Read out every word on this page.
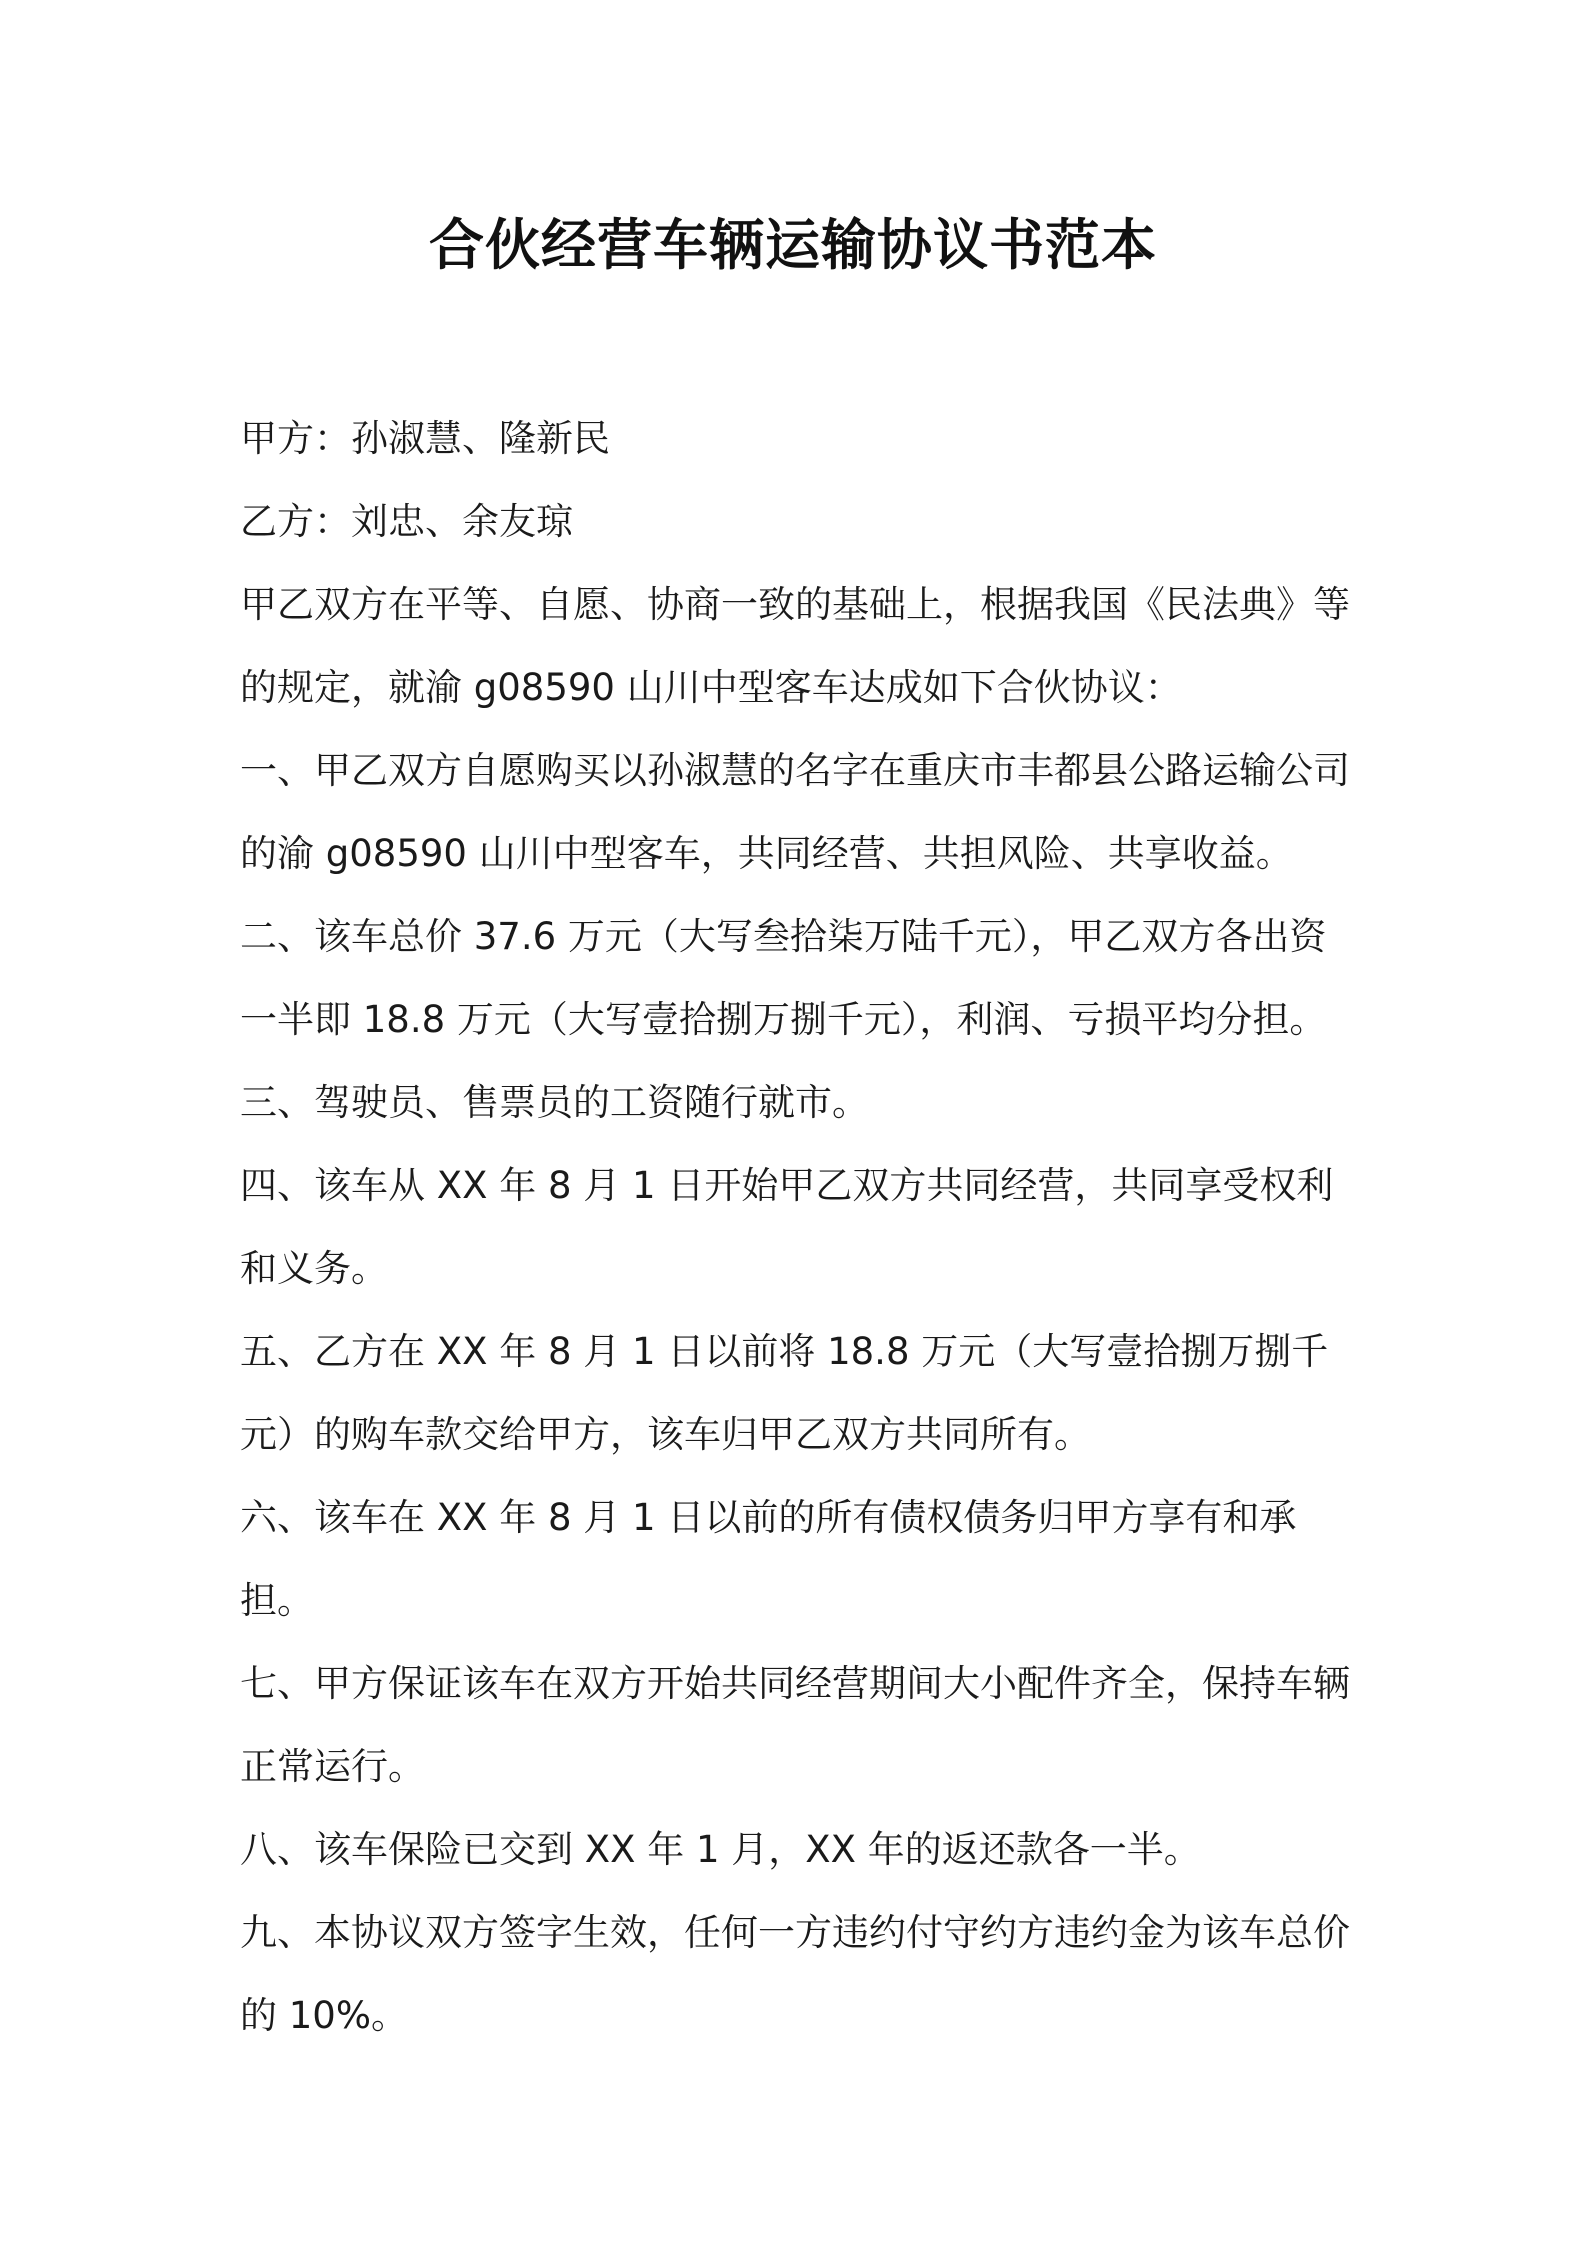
合伙经营车辆运输协议书范本

甲方：孙淑慧、隆新民

乙方：刘忠、余友琼

甲乙双方在平等、自愿、协商一致的基础上，根据我国《民法典》等的规定，就渝 g08590 山川中型客车达成如下合伙协议：

一、甲乙双方自愿购买以孙淑慧的名字在重庆市丰都县公路运输公司的渝 g08590 山川中型客车，共同经营、共担风险、共享收益。

二、该车总价 37.6 万元（大写叁拾柒万陆千元），甲乙双方各出资一半即 18.8 万元（大写壹拾捌万捌千元），利润、亏损平均分担。

三、驾驶员、售票员的工资随行就市。

四、该车从 XX 年 8 月 1 日开始甲乙双方共同经营，共同享受权利和义务。

五、乙方在 XX 年 8 月 1 日以前将 18.8 万元（大写壹拾捌万捌千元）的购车款交给甲方，该车归甲乙双方共同所有。

六、该车在 XX 年 8 月 1 日以前的所有债权债务归甲方享有和承担。

七、甲方保证该车在双方开始共同经营期间大小配件齐全，保持车辆正常运行。

八、该车保险已交到 XX 年 1 月，XX 年的返还款各一半。

九、本协议双方签字生效，任何一方违约付守约方违约金为该车总价的 10%。
